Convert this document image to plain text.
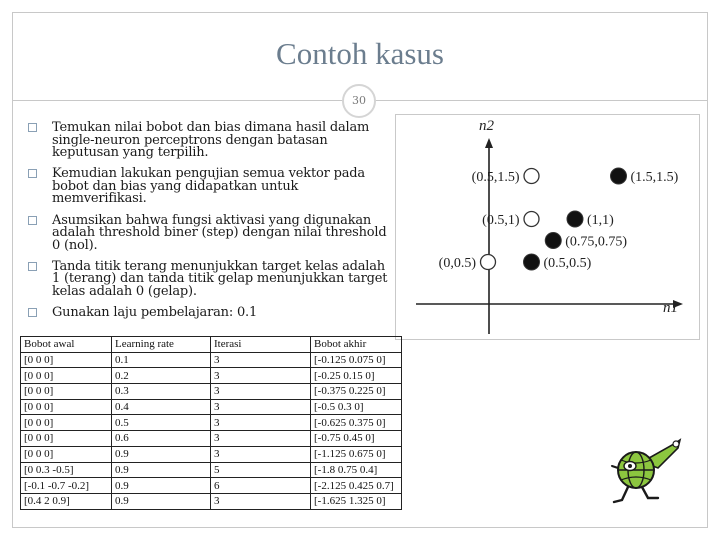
Contoh kasus
30
Temukan nilai bobot dan bias dimana hasil dalam single-neuron perceptrons dengan batasan keputusan yang terpilih.
Kemudian lakukan pengujian semua vektor pada bobot dan bias yang didapatkan untuk memverifikasi.
Asumsikan bahwa fungsi aktivasi yang digunakan adalah threshold biner (step) dengan nilai threshold 0 (nol).
Tanda titik terang menunjukkan target kelas adalah 1 (terang) dan tanda titik gelap menunjukkan target kelas adalah 0 (gelap).
Gunakan laju pembelajaran: 0.1	n1
n2
(0.5,1.5)	(1.5,1.5)
(0.5,1)	(1,1)
(0.75,0.75)
(0,0.5)	(0.5,0.5)
Bobot awal	Learning rate	Iterasi	Bobot akhir
[0 0 0]	0.1	3	[-0.125 0.075 0]
[0 0 0]	0.2	3	[-0.25 0.15 0]
[0 0 0]	0.3	3	[-0.375 0.225 0]
[0 0 0]	0.4	3	[-0.5 0.3 0]
[0 0 0]	0.5	3	[-0.625 0.375 0]
[0 0 0]	0.6	3	[-0.75 0.45 0]
[0 0 0]	0.9	3	[-1.125 0.675 0]
[0 0.3 -0.5]	0.9	5	[-1.8 0.75 0.4]
[-0.1 -0.7 -0.2]	0.9	6	[-2.125 0.425 0.7]
[0.4 2 0.9]	0.9	3	[-1.625 1.325 0]
